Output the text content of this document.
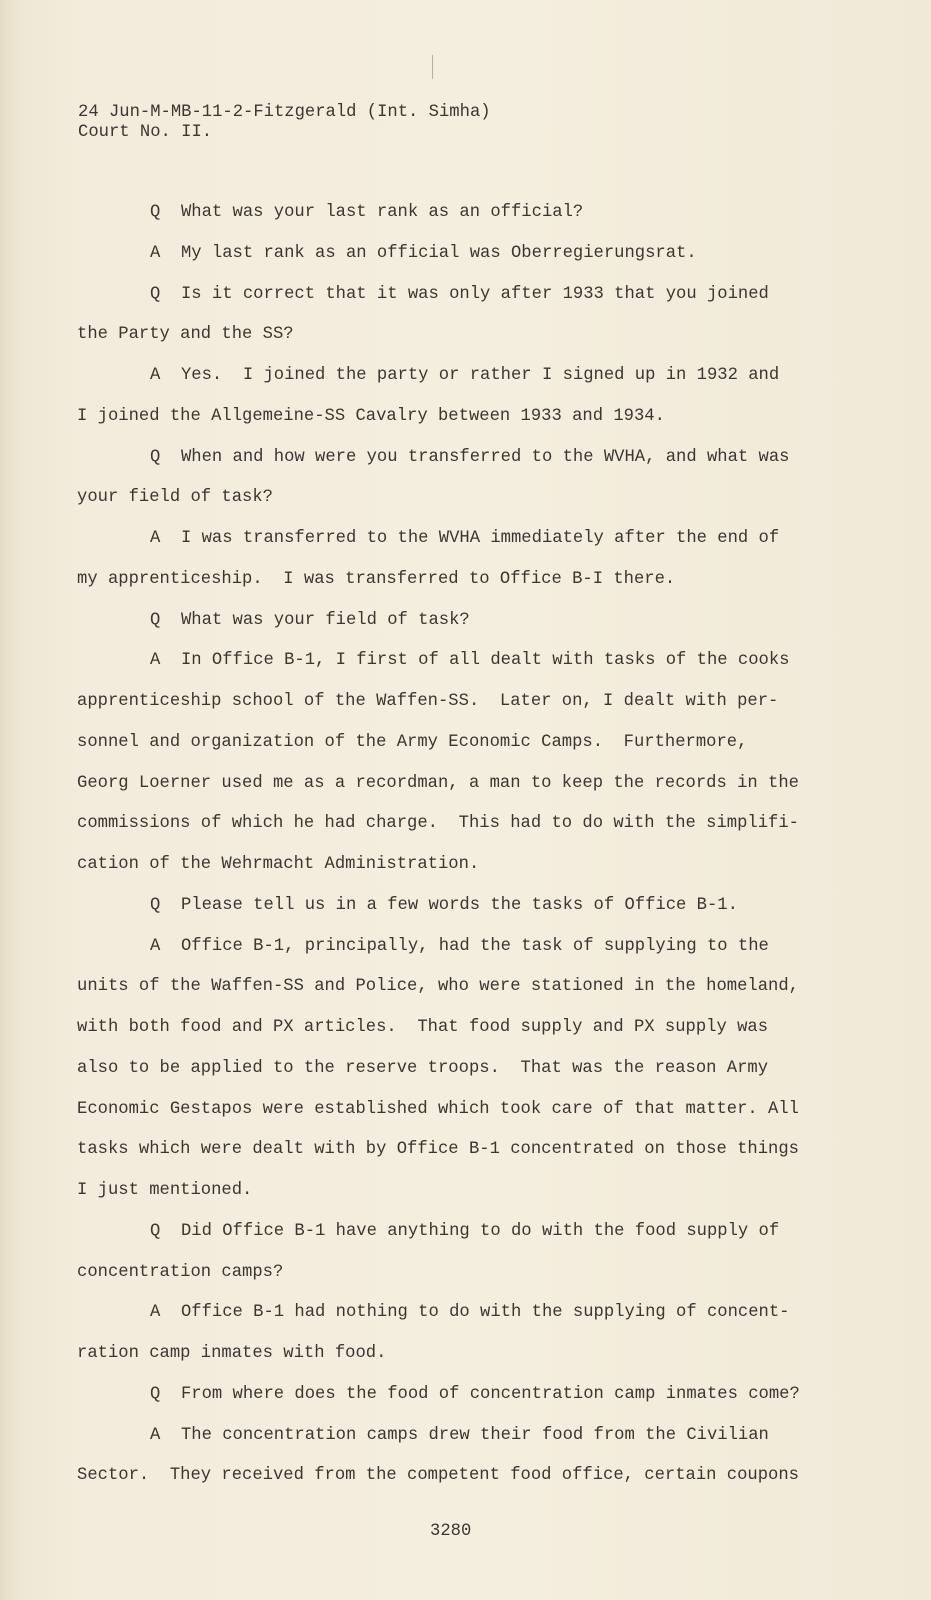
24 Jun-M-MB-11-2-Fitzgerald (Int. Simha)
Court No. II.
Q  What was your last rank as an official?
A  My last rank as an official was Oberregierungsrat.
Q  Is it correct that it was only after 1933 that you joined
the Party and the SS?
A  Yes.  I joined the party or rather I signed up in 1932 and
I joined the Allgemeine-SS Cavalry between 1933 and 1934.
Q  When and how were you transferred to the WVHA, and what was
your field of task?
A  I was transferred to the WVHA immediately after the end of
my apprenticeship.  I was transferred to Office B-I there.
Q  What was your field of task?
A  In Office B-1, I first of all dealt with tasks of the cooks
apprenticeship school of the Waffen-SS.  Later on, I dealt with per-
sonnel and organization of the Army Economic Camps.  Furthermore,
Georg Loerner used me as a recordman, a man to keep the records in the
commissions of which he had charge.  This had to do with the simplifi-
cation of the Wehrmacht Administration.
Q  Please tell us in a few words the tasks of Office B-1.
A  Office B-1, principally, had the task of supplying to the
units of the Waffen-SS and Police, who were stationed in the homeland,
with both food and PX articles.  That food supply and PX supply was
also to be applied to the reserve troops.  That was the reason Army
Economic Gestapos were established which took care of that matter. All
tasks which were dealt with by Office B-1 concentrated on those things
I just mentioned.
Q  Did Office B-1 have anything to do with the food supply of
concentration camps?
A  Office B-1 had nothing to do with the supplying of concent-
ration camp inmates with food.
Q  From where does the food of concentration camp inmates come?
A  The concentration camps drew their food from the Civilian
Sector.  They received from the competent food office, certain coupons
3280
